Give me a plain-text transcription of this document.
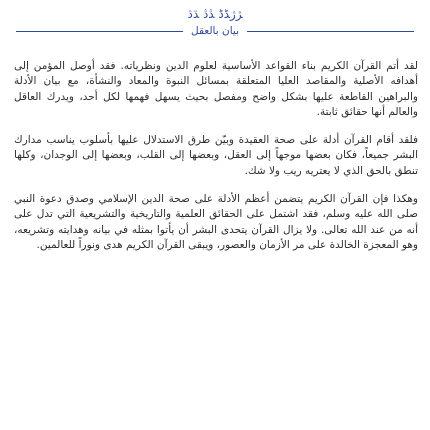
ﮋﮊﮉﮈ ﮇﮆ ﮅﮄ
بيان بالعقل

لقد أتم القرآن الكريم بناء القواعد الأساسية لعلوم الدين ونظرياته. فقد أوصل المؤمن إلى أهدافه الأصلية والمقاصد العليا المتعلقة بمسائل النبوة والمعاد والنشأة، مع بيان الأدلة والبراهين القاطعة عليها بشكل واضح ومفصل بحيث يسهل فهمها لكل أحد، ويدرك العاقل والعالم أنها حقائق ثابتة.

فلقد أقام القرآن أدلة على صحة العقيدة وبيّن طرق الاستدلال عليها بأسلوب يناسب مدارك البشر جميعاً، فكان بعضها موجهاً إلى العقل، وبعضها إلى القلب، وبعضها إلى الوجدان، وكلها تنطق بالحق الذي لا يعتريه ريب ولا شك.

وهكذا فإن القرآن الكريم يتضمن أعظم الأدلة على صحة الدين الإسلامي وصدق دعوة النبي صلى الله عليه وسلم، فقد اشتمل على الحقائق العلمية والتاريخية والتشريعية التي تدل على أنه من عند الله تعالى. ولا يزال القرآن يتحدى البشر أن يأتوا بمثله في بيانه وهدايته وتشريعه، وهو المعجزة الخالدة على مر الأزمان والعصور، ويبقى القرآن الكريم هدى ونوراً للعالمين.
